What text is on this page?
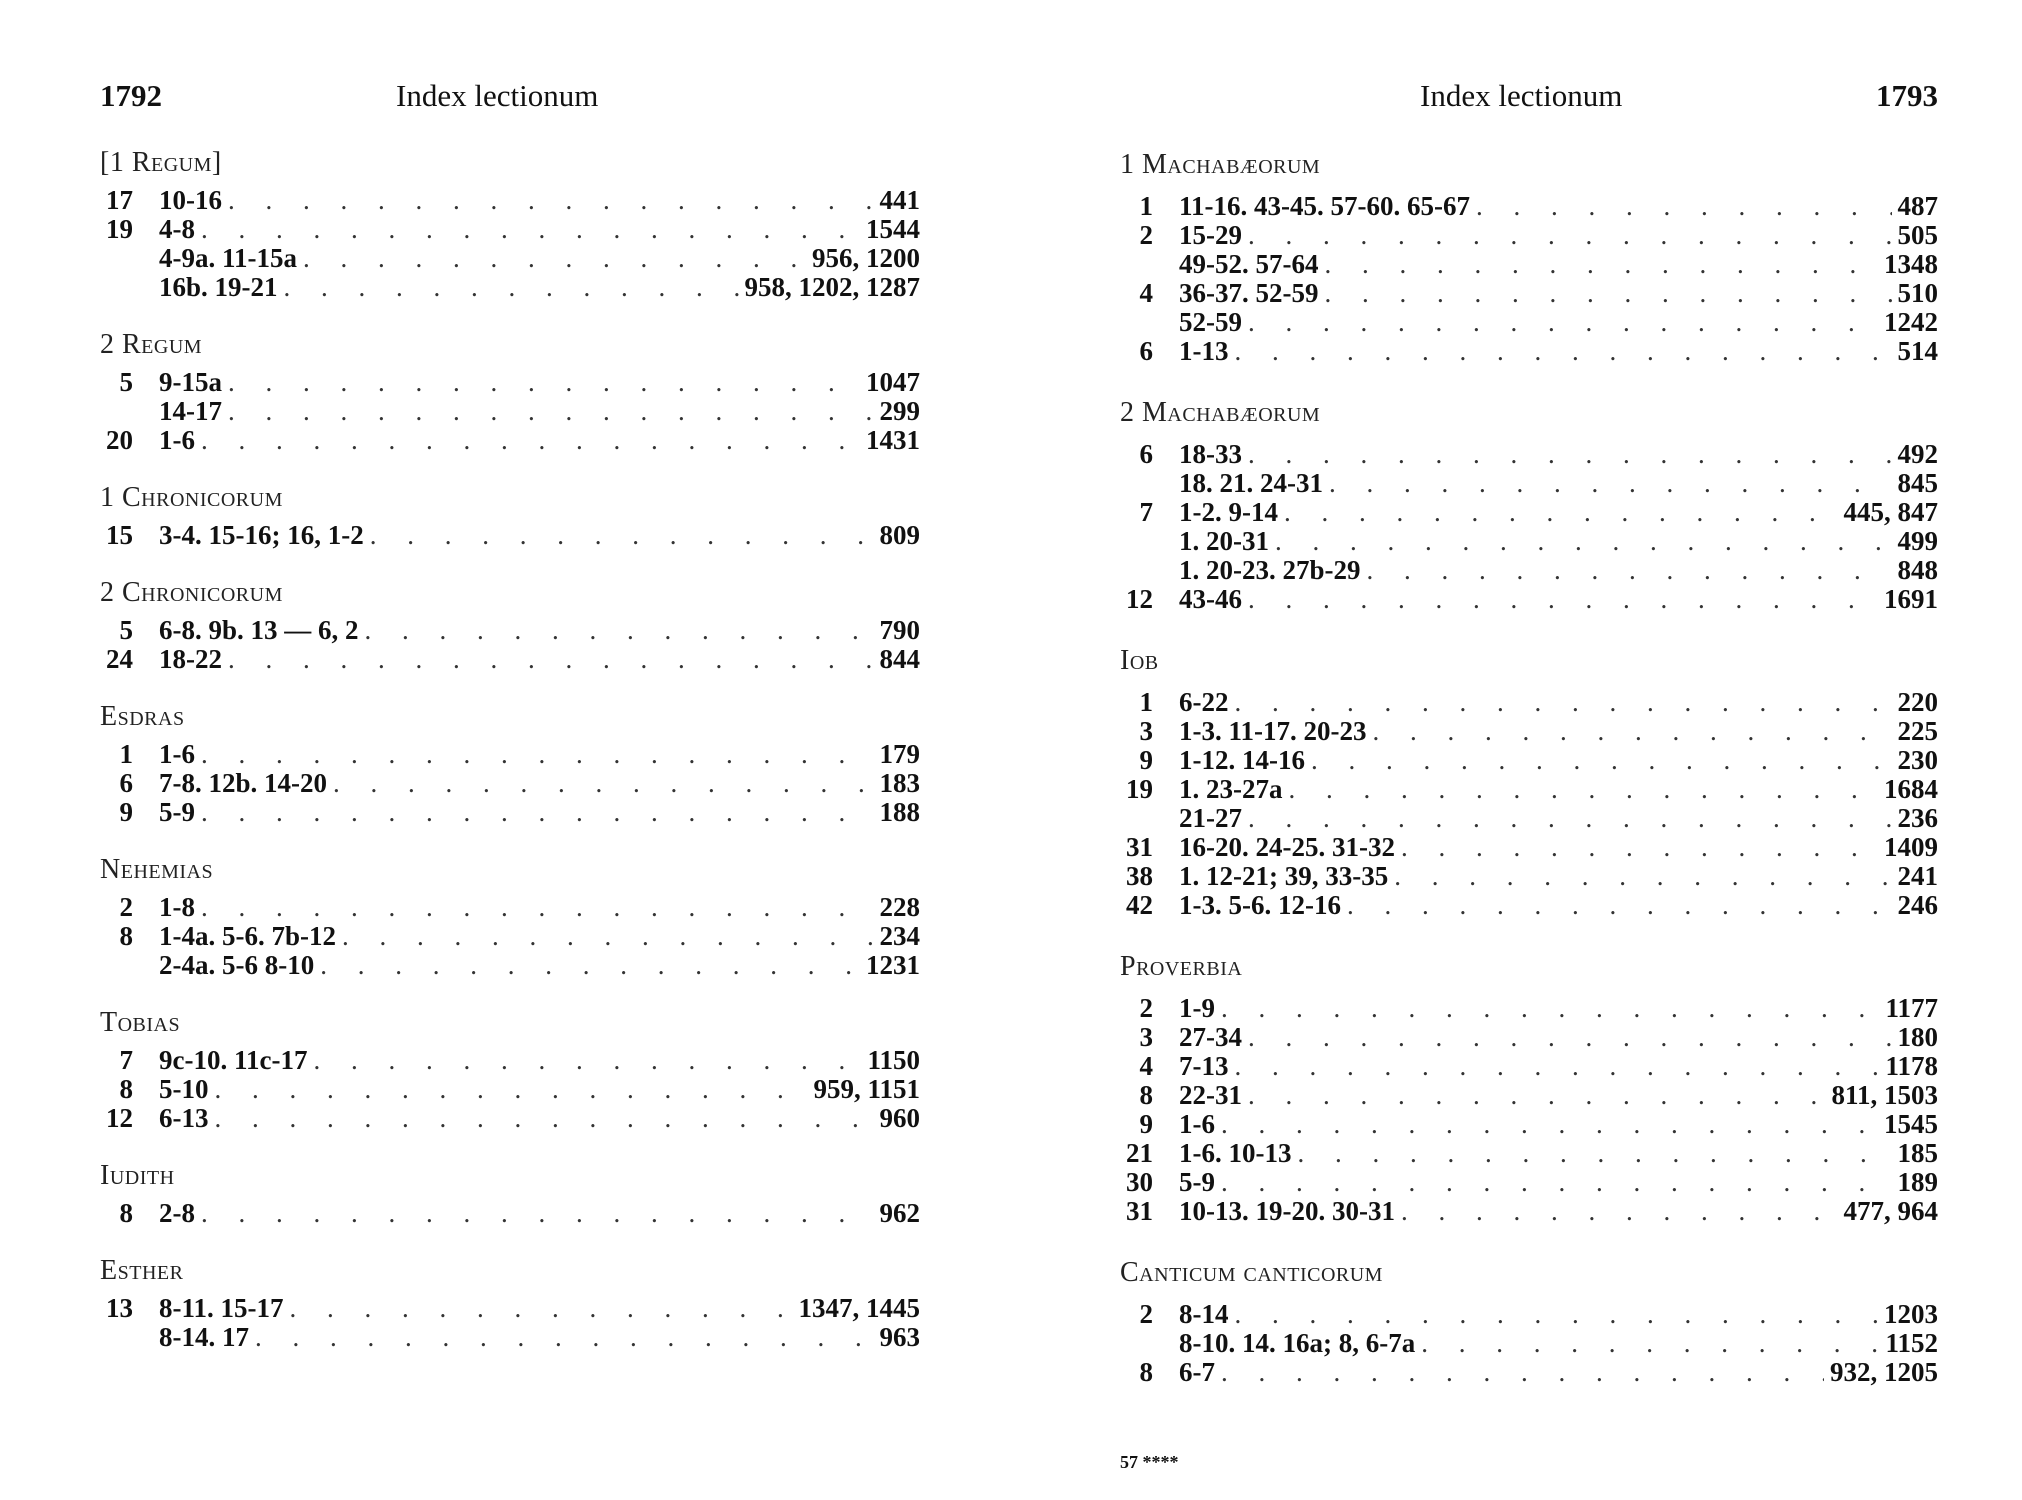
1792	Index lectionum
[1 Regum]
17 10-16 . . .	441
19 4-8 . . .	1544
4-9a. 11-15a . . .	956, 1200
16b. 19-21 . . .	958, 1202, 1287
2 Regum
5 9-15a . . .	1047
14-17 . . .	299
20 1-6 . . .	1431
1 Chronicorum
15 3-4. 15-16; 16, 1-2 . . .	809
2 Chronicorum
5 6-8. 9b. 13 — 6, 2 . . .	790
24 18-22 . . .	844
Esdras
1 1-6 . . .	179
6 7-8. 12b. 14-20 . . .	183
9 5-9 . . .	188
Nehemias
2 1-8 . . .	228
8 1-4a. 5-6. 7b-12 . . .	234
2-4a. 5-6 8-10 . . .	1231
Tobias
7 9c-10. 11c-17 . . .	1150
8 5-10 . . .	959, 1151
12 6-13 . . .	960
Iudith
8 2-8 . . .	962
Esther
13 8-11. 15-17 . . .	1347, 1445
8-14. 17 . . .	963
Index lectionum	1793
1 Machabæorum
1 11-16. 43-45. 57-60. 65-67 . . .	487
2 15-29 . . .	505
49-52. 57-64 . . .	1348
4 36-37. 52-59 . . .	510
52-59 . . .	1242
6 1-13 . . .	514
2 Machabæorum
6 18-33 . . .	492
18. 21. 24-31 . . .	845
7 1-2. 9-14 . . .	445, 847
1. 20-31 . . .	499
1. 20-23. 27b-29 . . .	848
12 43-46 . . .	1691
Iob
1 6-22 . . .	220
3 1-3. 11-17. 20-23 . . .	225
9 1-12. 14-16 . . .	230
19 1. 23-27a . . .	1684
21-27 . . .	236
31 16-20. 24-25. 31-32 . . .	1409
38 1. 12-21; 39, 33-35 . . .	241
42 1-3. 5-6. 12-16 . . .	246
Proverbia
2 1-9 . . .	1177
3 27-34 . . .	180
4 7-13 . . .	1178
8 22-31 . . .	811, 1503
9 1-6 . . .	1545
21 1-6. 10-13 . . .	185
30 5-9 . . .	189
31 10-13. 19-20. 30-31 . . .	477, 964
Canticum canticorum
2 8-14 . . .	1203
8-10. 14. 16a; 8, 6-7a . . .	1152
8 6-7 . . .	932, 1205
57 ****
